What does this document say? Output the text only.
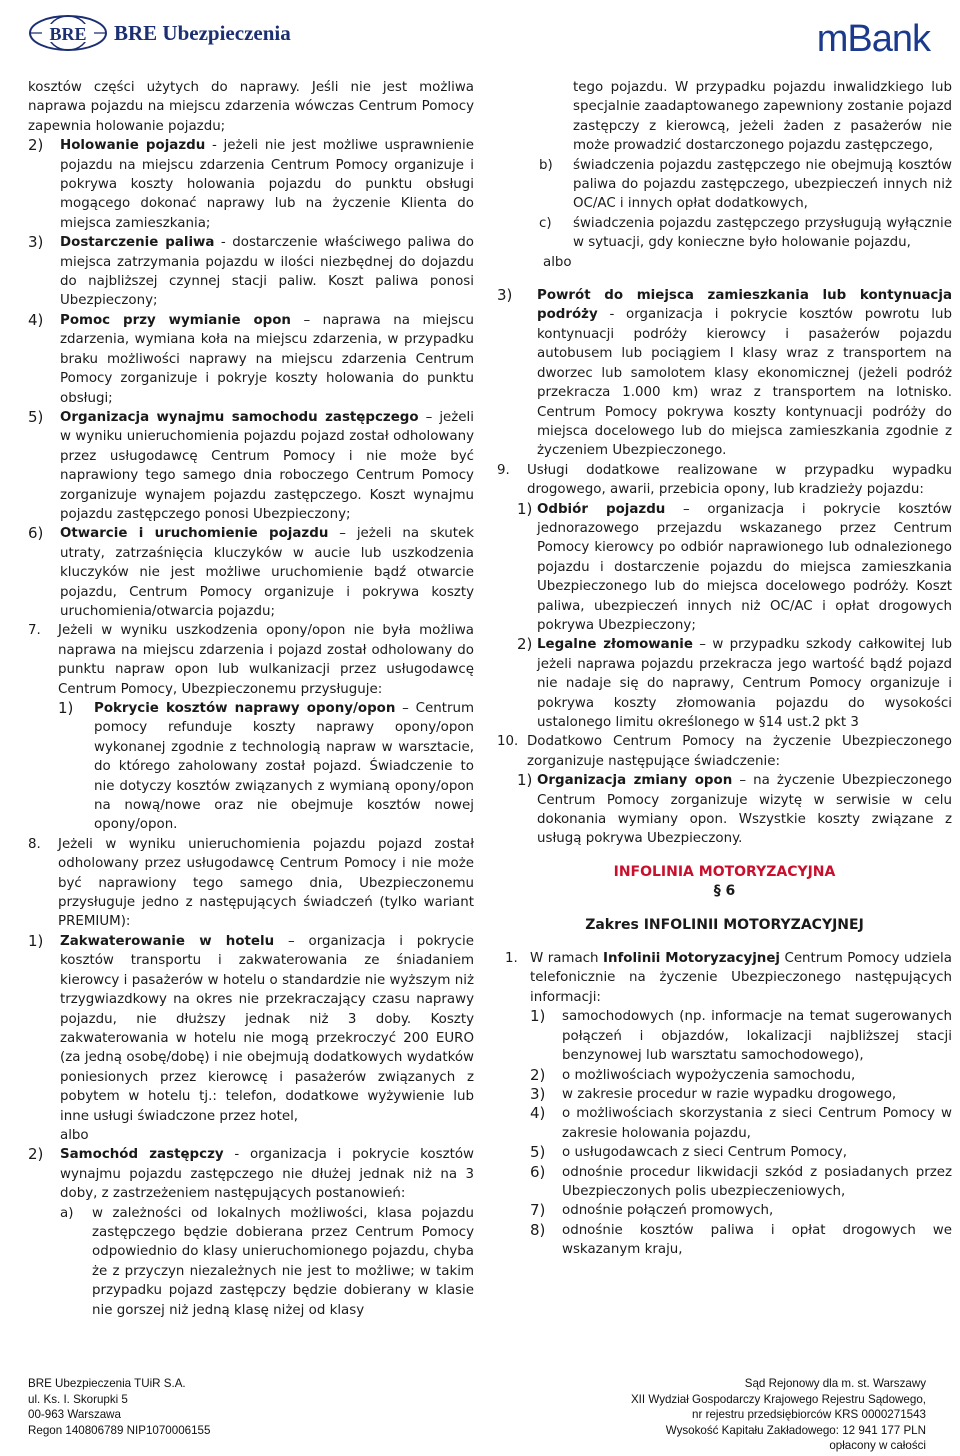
BRE BRE Ubezpieczenia	mBank

kosztów części użytych do naprawy. Jeśli nie jest możliwa naprawa pojazdu na miejscu zdarzenia wówczas Centrum Pomocy zapewnia holowanie pojazdu;

2)	Holowanie pojazdu - jeżeli nie jest możliwe usprawnienie pojazdu na miejscu zdarzenia Centrum Pomocy organizuje i pokrywa koszty holowania pojazdu do punktu obsługi mogącego dokonać naprawy lub na życzenie Klienta do miejsca zamieszkania;
3)	Dostarczenie paliwa - dostarczenie właściwego paliwa do miejsca zatrzymania pojazdu w ilości niezbędnej do dojazdu do najbliższej czynnej stacji paliw. Koszt paliwa ponosi Ubezpieczony;
4)	Pomoc przy wymianie opon – naprawa na miejscu zdarzenia, wymiana koła na miejscu zdarzenia, w przypadku braku możliwości naprawy na miejscu zdarzenia Centrum Pomocy zorganizuje i pokryje koszty holowania do punktu obsługi;
5)	Organizacja wynajmu samochodu zastępczego – jeżeli w wyniku unieruchomienia pojazdu pojazd został odholowany przez usługodawcę Centrum Pomocy i nie może być naprawiony tego samego dnia roboczego Centrum Pomocy zorganizuje wynajem pojazdu zastępczego. Koszt wynajmu pojazdu zastępczego ponosi Ubezpieczony;
6)	Otwarcie i uruchomienie pojazdu – jeżeli na skutek utraty, zatrzaśnięcia kluczyków w aucie lub uszkodzenia kluczyków nie jest możliwe uruchomienie bądź otwarcie pojazdu, Centrum Pomocy organizuje i pokrywa koszty uruchomienia/otwarcia pojazdu;
7.	Jeżeli w wyniku uszkodzenia opony/opon nie była możliwa naprawa na miejscu zdarzenia i pojazd został odholowany do punktu napraw opon lub wulkanizacji przez usługodawcę Centrum Pomocy, Ubezpieczonemu przysługuje:
1)	Pokrycie kosztów naprawy opony/opon – Centrum pomocy refunduje koszty naprawy opony/opon wykonanej zgodnie z technologią napraw w warsztacie, do którego zaholowany został pojazd. Świadczenie to nie dotyczy kosztów związanych z wymianą opony/opon na nową/nowe oraz nie obejmuje kosztów nowej opony/opon.
8.	Jeżeli w wyniku unieruchomienia pojazdu pojazd został odholowany przez usługodawcę Centrum Pomocy i nie może być naprawiony tego samego dnia, Ubezpieczonemu przysługuje jedno z następujących świadczeń (tylko wariant PREMIUM):
1)	Zakwaterowanie w hotelu – organizacja i pokrycie kosztów transportu i zakwaterowania ze śniadaniem kierowcy i pasażerów w hotelu o standardzie nie wyższym niż trzygwiazdkowy na okres nie przekraczający czasu naprawy pojazdu, nie dłuższy jednak niż 3 doby. Koszty zakwaterowania w hotelu nie mogą przekroczyć 200 EURO (za jedną osobę/dobę) i nie obejmują dodatkowych wydatków poniesionych przez kierowcę i pasażerów związanych z pobytem w hotelu tj.: telefon, dodatkowe wyżywienie lub inne usługi świadczone przez hotel,

albo

2)	Samochód zastępczy - organizacja i pokrycie kosztów wynajmu pojazdu zastępczego nie dłużej jednak niż na 3 doby, z zastrzeżeniem następujących postanowień:
a)	w zależności od lokalnych możliwości, klasa pojazdu zastępczego będzie dobierana przez Centrum Pomocy odpowiednio do klasy unieruchomionego pojazdu, chyba że z przyczyn niezależnych nie jest to możliwe; w takim przypadku pojazd zastępczy będzie dobierany w klasie nie gorszej niż jedną klasę niżej od klasy

tego pojazdu. W przypadku pojazdu inwalidzkiego lub specjalnie zaadaptowanego zapewniony zostanie pojazd zastępczy z kierowcą, jeżeli żaden z pasażerów nie może prowadzić dostarczonego pojazdu zastępczego,

b)	świadczenia pojazdu zastępczego nie obejmują kosztów paliwa do pojazdu zastępczego, ubezpieczeń innych niż OC/AC i innych opłat dodatkowych,
c)	świadczenia pojazdu zastępczego przysługują wyłącznie w sytuacji, gdy konieczne było holowanie pojazdu,

albo

3)	Powrót do miejsca zamieszkania lub kontynuacja podróży - organizacja i pokrycie kosztów powrotu lub kontynuacji podróży kierowcy i pasażerów pojazdu autobusem lub pociągiem I klasy wraz z transportem na dworzec lub samolotem klasy ekonomicznej (jeżeli podróż przekracza 1.000 km) wraz z transportem na lotnisko. Centrum Pomocy pokrywa koszty kontynuacji podróży do miejsca docelowego lub do miejsca zamieszkania zgodnie z życzeniem Ubezpieczonego.
9.	Usługi dodatkowe realizowane w przypadku wypadku drogowego, awarii, przebicia opony, lub kradzieży pojazdu:
1) Odbiór pojazdu – organizacja i pokrycie kosztów jednorazowego przejazdu wskazanego przez Centrum Pomocy kierowcy po odbiór naprawionego lub odnalezionego pojazdu i dostarczenie pojazdu do miejsca zamieszkania Ubezpieczonego lub do miejsca docelowego podróży. Koszt paliwa, ubezpieczeń innych niż OC/AC i opłat drogowych pokrywa Ubezpieczony;
2) Legalne złomowanie – w przypadku szkody całkowitej lub jeżeli naprawa pojazdu przekracza jego wartość bądź pojazd nie nadaje się do naprawy, Centrum Pomocy organizuje i pokrywa koszty złomowania pojazdu do wysokości ustalonego limitu określonego w §14 ust.2 pkt 3
10. Dodatkowo Centrum Pomocy na życzenie Ubezpieczonego zorganizuje następujące świadczenie:
1) Organizacja zmiany opon – na życzenie Ubezpieczonego Centrum Pomocy zorganizuje wizytę w serwisie w celu dokonania wymiany opon. Wszystkie koszty związane z usługą pokrywa Ubezpieczony.
INFOLINIA MOTORYZACYJNA
§ 6
Zakres INFOLINII MOTORYZACYJNEJ
1. W ramach Infolinii Motoryzacyjnej Centrum Pomocy udziela telefonicznie na życzenie Ubezpieczonego następujących informacji:
1)	samochodowych (np. informacje na temat sugerowanych połączeń i objazdów, lokalizacji najbliższej stacji benzynowej lub warsztatu samochodowego),
2)	o możliwościach wypożyczenia samochodu,
3)	w zakresie procedur w razie wypadku drogowego,
4)	o możliwościach skorzystania z sieci Centrum Pomocy w zakresie holowania pojazdu,
5)	o usługodawcach z sieci Centrum Pomocy,
6)	odnośnie procedur likwidacji szkód z posiadanych przez Ubezpieczonych polis ubezpieczeniowych,
7)	odnośnie połączeń promowych,
8)	odnośnie kosztów paliwa i opłat drogowych we wskazanym kraju,
BRE Ubezpieczenia TUiR S.A.
ul. Ks. I. Skorupki 5
00-963 Warszawa
Regon 140806789 NIP1070006155
Sąd Rejonowy dla m. st. Warszawy
XII Wydział Gospodarczy Krajowego Rejestru Sądowego,
nr rejestru przedsiębiorców KRS 0000271543
Wysokość Kapitału Zakładowego: 12 941 177 PLN
opłacony w całości
